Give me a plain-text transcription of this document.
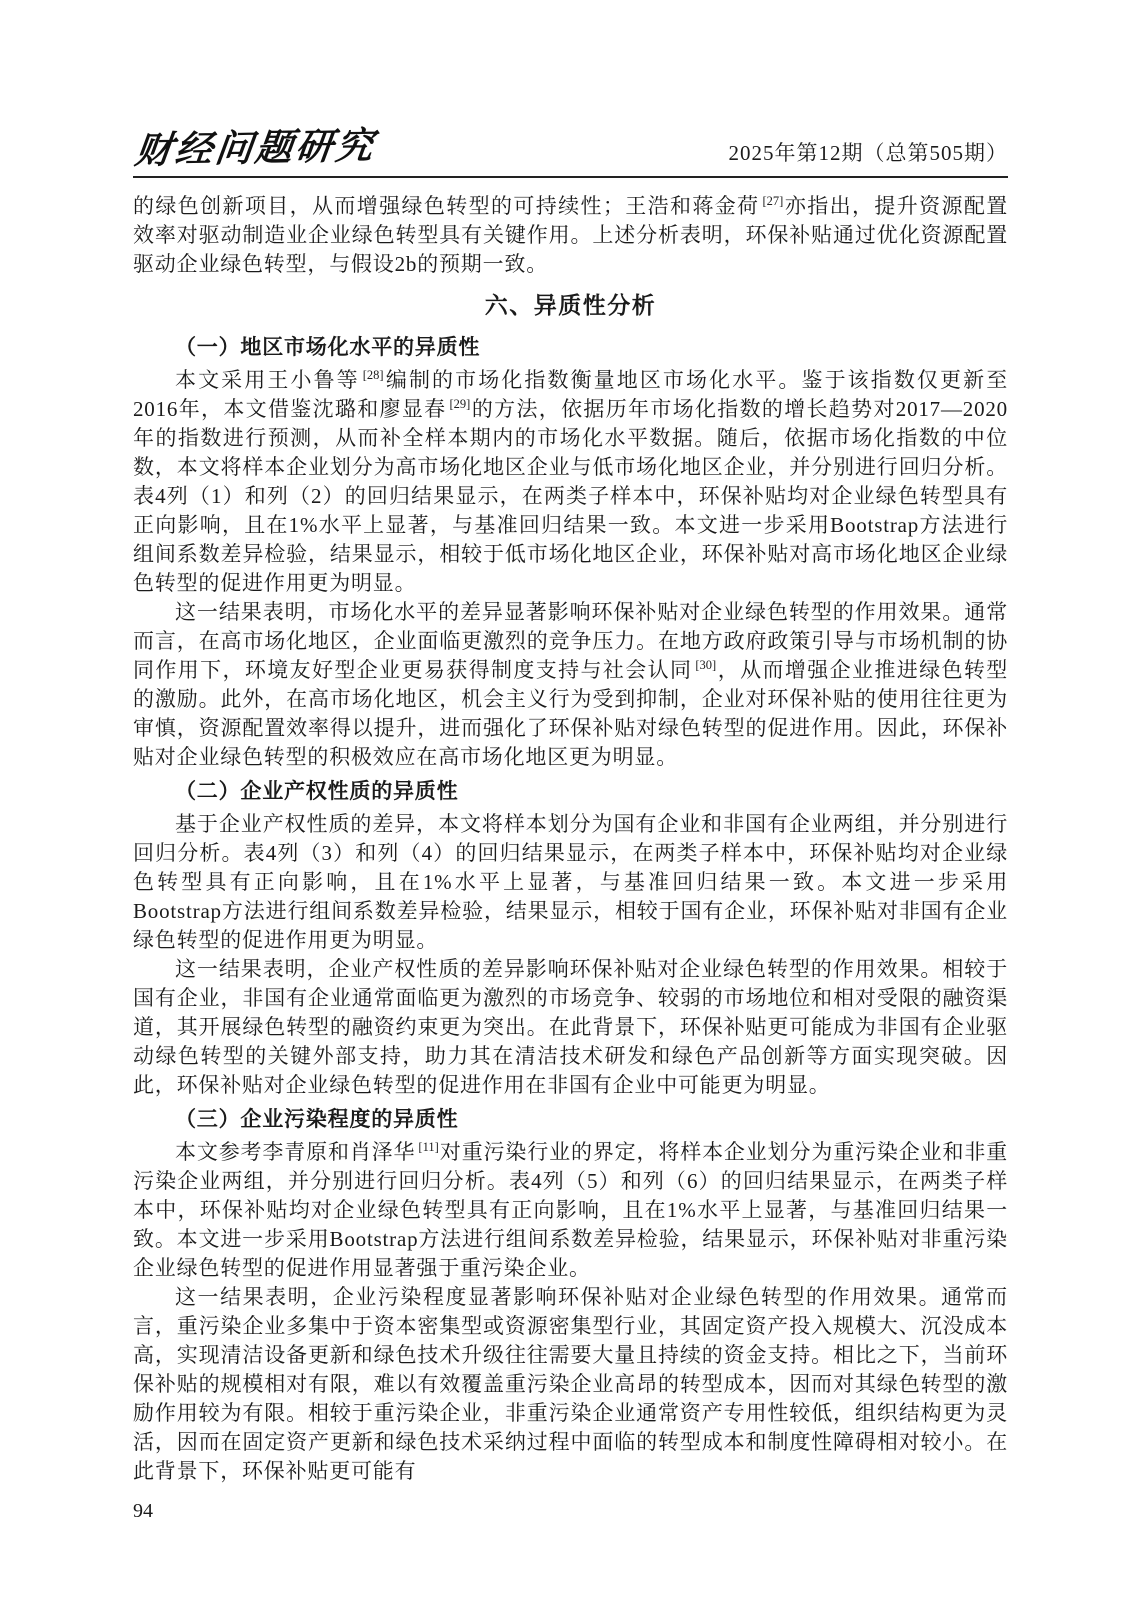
财经问题研究	2025年第12期（总第505期）

的绿色创新项目，从而增强绿色转型的可持续性；王浩和蒋金荷 [27]亦指出，提升资源配置效率对驱动制造业企业绿色转型具有关键作用。上述分析表明，环保补贴通过优化资源配置驱动企业绿色转型，与假设2b的预期一致。

六、异质性分析
（一）地区市场化水平的异质性

本文采用王小鲁等 [28]编制的市场化指数衡量地区市场化水平。鉴于该指数仅更新至2016年，本文借鉴沈璐和廖显春 [29]的方法，依据历年市场化指数的增长趋势对2017—2020年的指数进行预测，从而补全样本期内的市场化水平数据。随后，依据市场化指数的中位数，本文将样本企业划分为高市场化地区企业与低市场化地区企业，并分别进行回归分析。表4列（1）和列（2）的回归结果显示，在两类子样本中，环保补贴均对企业绿色转型具有正向影响，且在1%水平上显著，与基准回归结果一致。本文进一步采用Bootstrap方法进行组间系数差异检验，结果显示，相较于低市场化地区企业，环保补贴对高市场化地区企业绿色转型的促进作用更为明显。

这一结果表明，市场化水平的差异显著影响环保补贴对企业绿色转型的作用效果。通常而言，在高市场化地区，企业面临更激烈的竞争压力。在地方政府政策引导与市场机制的协同作用下，环境友好型企业更易获得制度支持与社会认同 [30]，从而增强企业推进绿色转型的激励。此外，在高市场化地区，机会主义行为受到抑制，企业对环保补贴的使用往往更为审慎，资源配置效率得以提升，进而强化了环保补贴对绿色转型的促进作用。因此，环保补贴对企业绿色转型的积极效应在高市场化地区更为明显。

（二）企业产权性质的异质性

基于企业产权性质的差异，本文将样本划分为国有企业和非国有企业两组，并分别进行回归分析。表4列（3）和列（4）的回归结果显示，在两类子样本中，环保补贴均对企业绿色转型具有正向影响，且在1%水平上显著，与基准回归结果一致。本文进一步采用Bootstrap方法进行组间系数差异检验，结果显示，相较于国有企业，环保补贴对非国有企业绿色转型的促进作用更为明显。

这一结果表明，企业产权性质的差异影响环保补贴对企业绿色转型的作用效果。相较于国有企业，非国有企业通常面临更为激烈的市场竞争、较弱的市场地位和相对受限的融资渠道，其开展绿色转型的融资约束更为突出。在此背景下，环保补贴更可能成为非国有企业驱动绿色转型的关键外部支持，助力其在清洁技术研发和绿色产品创新等方面实现突破。因此，环保补贴对企业绿色转型的促进作用在非国有企业中可能更为明显。

（三）企业污染程度的异质性

本文参考李青原和肖泽华 [11]对重污染行业的界定，将样本企业划分为重污染企业和非重污染企业两组，并分别进行回归分析。表4列（5）和列（6）的回归结果显示，在两类子样本中，环保补贴均对企业绿色转型具有正向影响，且在1%水平上显著，与基准回归结果一致。本文进一步采用Bootstrap方法进行组间系数差异检验，结果显示，环保补贴对非重污染企业绿色转型的促进作用显著强于重污染企业。

这一结果表明，企业污染程度显著影响环保补贴对企业绿色转型的作用效果。通常而言，重污染企业多集中于资本密集型或资源密集型行业，其固定资产投入规模大、沉没成本高，实现清洁设备更新和绿色技术升级往往需要大量且持续的资金支持。相比之下，当前环保补贴的规模相对有限，难以有效覆盖重污染企业高昂的转型成本，因而对其绿色转型的激励作用较为有限。相较于重污染企业，非重污染企业通常资产专用性较低，组织结构更为灵活，因而在固定资产更新和绿色技术采纳过程中面临的转型成本和制度性障碍相对较小。在此背景下，环保补贴更可能有

94
